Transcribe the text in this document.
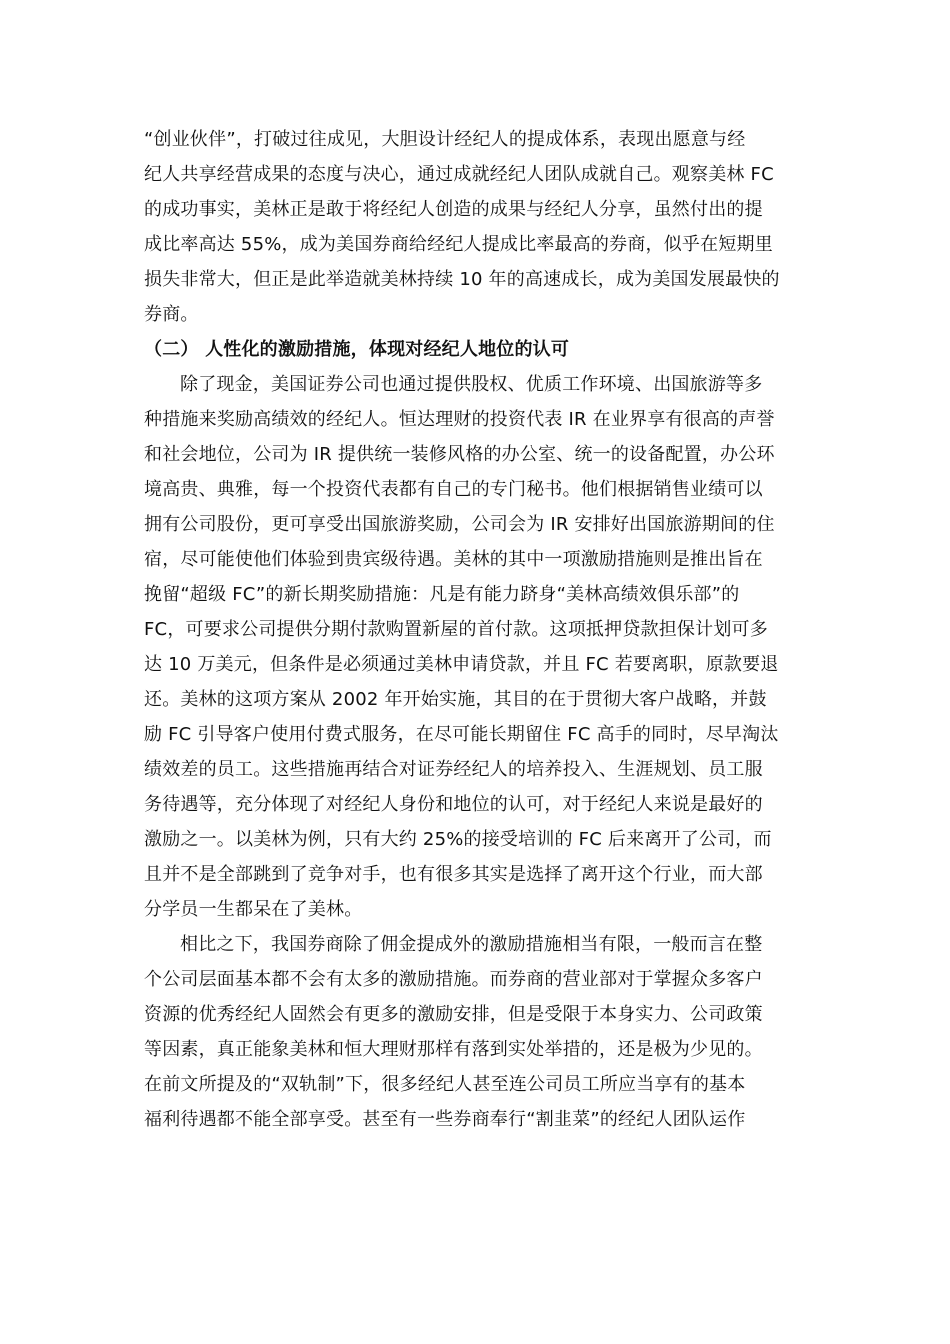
“创业伙伴”，打破过往成见，大胆设计经纪人的提成体系，表现出愿意与经
纪人共享经营成果的态度与决心，通过成就经纪人团队成就自己。观察美林 FC
的成功事实，美林正是敢于将经纪人创造的成果与经纪人分享，虽然付出的提
成比率高达 55%，成为美国券商给经纪人提成比率最高的券商，似乎在短期里
损失非常大，但正是此举造就美林持续 10 年的高速成长，成为美国发展最快的
券商。
（二） 人性化的激励措施，体现对经纪人地位的认可
除了现金，美国证券公司也通过提供股权、优质工作环境、出国旅游等多
种措施来奖励高绩效的经纪人。恒达理财的投资代表 IR 在业界享有很高的声誉
和社会地位，公司为 IR 提供统一装修风格的办公室、统一的设备配置，办公环
境高贵、典雅，每一个投资代表都有自己的专门秘书。他们根据销售业绩可以
拥有公司股份，更可享受出国旅游奖励，公司会为 IR 安排好出国旅游期间的住
宿，尽可能使他们体验到贵宾级待遇。美林的其中一项激励措施则是推出旨在
挽留“超级 FC”的新长期奖励措施：凡是有能力跻身“美林高绩效俱乐部”的
FC，可要求公司提供分期付款购置新屋的首付款。这项抵押贷款担保计划可多
达 10 万美元，但条件是必须通过美林申请贷款，并且 FC 若要离职，原款要退
还。美林的这项方案从 2002 年开始实施，其目的在于贯彻大客户战略，并鼓
励 FC 引导客户使用付费式服务，在尽可能长期留住 FC 高手的同时，尽早淘汰
绩效差的员工。这些措施再结合对证券经纪人的培养投入、生涯规划、员工服
务待遇等，充分体现了对经纪人身份和地位的认可，对于经纪人来说是最好的
激励之一。以美林为例，只有大约 25%的接受培训的 FC 后来离开了公司，而
且并不是全部跳到了竞争对手，也有很多其实是选择了离开这个行业，而大部
分学员一生都呆在了美林。
相比之下，我国券商除了佣金提成外的激励措施相当有限，一般而言在整
个公司层面基本都不会有太多的激励措施。而券商的营业部对于掌握众多客户
资源的优秀经纪人固然会有更多的激励安排，但是受限于本身实力、公司政策
等因素，真正能象美林和恒大理财那样有落到实处举措的，还是极为少见的。
在前文所提及的“双轨制”下，很多经纪人甚至连公司员工所应当享有的基本
福利待遇都不能全部享受。甚至有一些券商奉行“割韭菜”的经纪人团队运作
